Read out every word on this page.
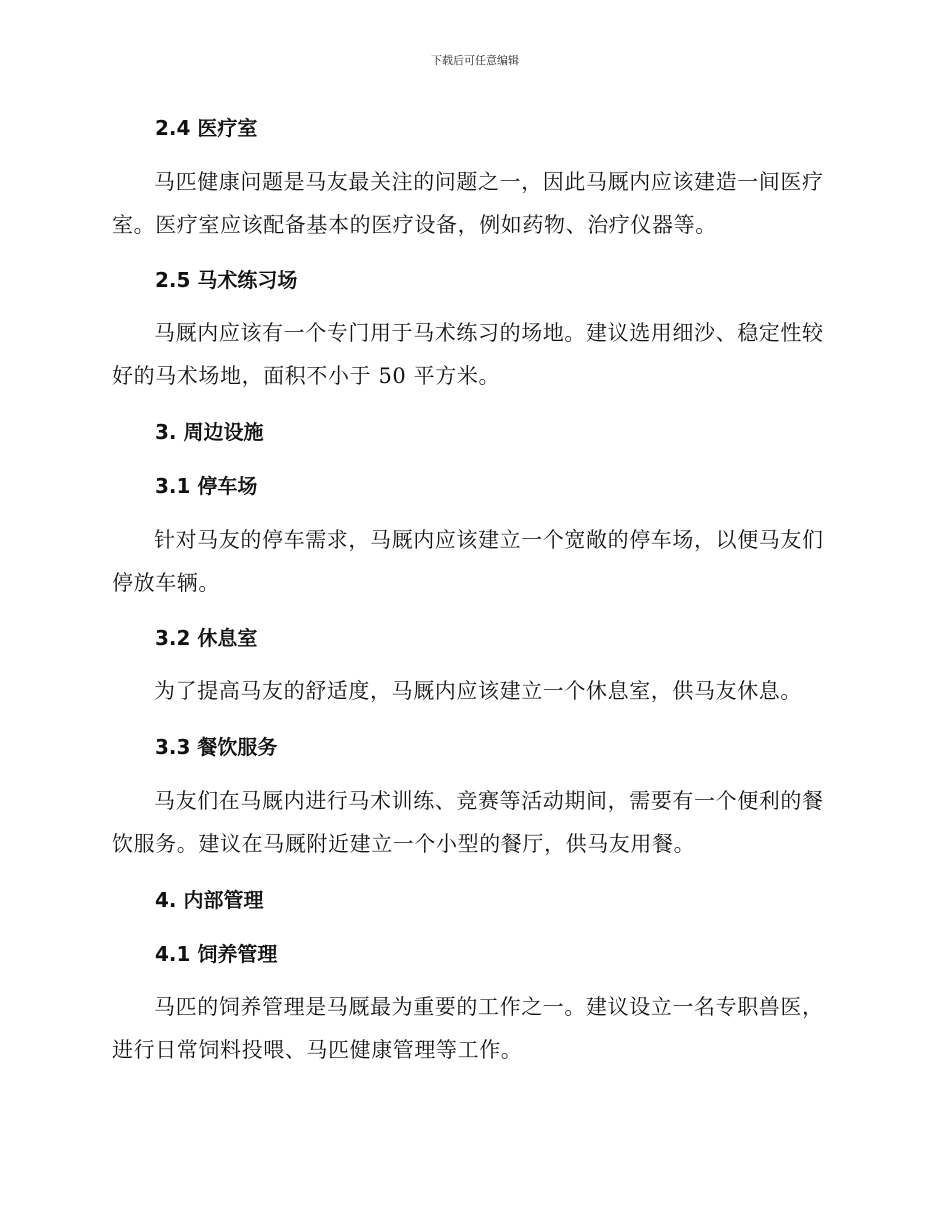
下载后可任意编辑
2.4 医疗室
马匹健康问题是马友最关注的问题之一，因此马厩内应该建造一间医疗
室。医疗室应该配备基本的医疗设备，例如药物、治疗仪器等。
2.5 马术练习场
马厩内应该有一个专门用于马术练习的场地。建议选用细沙、稳定性较
好的马术场地，面积不小于 50 平方米。
3. 周边设施
3.1 停车场
针对马友的停车需求，马厩内应该建立一个宽敞的停车场，以便马友们
停放车辆。
3.2 休息室
为了提高马友的舒适度，马厩内应该建立一个休息室，供马友休息。
3.3 餐饮服务
马友们在马厩内进行马术训练、竞赛等活动期间，需要有一个便利的餐
饮服务。建议在马厩附近建立一个小型的餐厅，供马友用餐。
4. 内部管理
4.1 饲养管理
马匹的饲养管理是马厩最为重要的工作之一。建议设立一名专职兽医，
进行日常饲料投喂、马匹健康管理等工作。
